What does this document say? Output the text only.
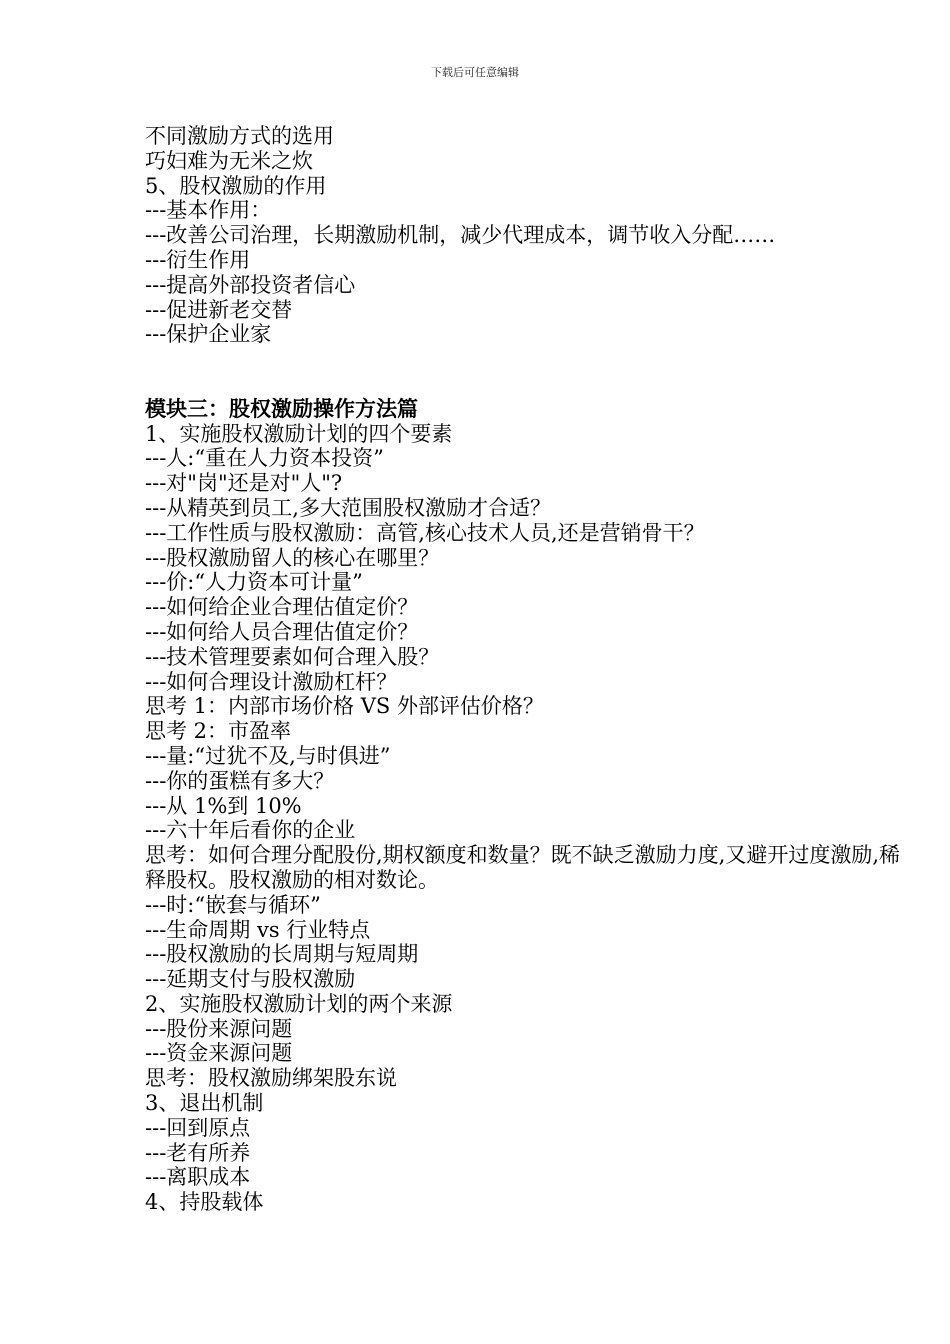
下载后可任意编辑
不同激励方式的选用
巧妇难为无米之炊
5、股权激励的作用
---基本作用：
---改善公司治理，长期激励机制，减少代理成本，调节收入分配……
---衍生作用
---提高外部投资者信心
---促进新老交替
---保护企业家
模块三：股权激励操作方法篇
1、实施股权激励计划的四个要素
---人:“重在人力资本投资”
---对"岗"还是对"人"?
---从精英到员工,多大范围股权激励才合适？
---工作性质与股权激励：高管,核心技术人员,还是营销骨干？
---股权激励留人的核心在哪里？
---价:“人力资本可计量”
---如何给企业合理估值定价？
---如何给人员合理估值定价？
---技术管理要素如何合理入股？
---如何合理设计激励杠杆？
思考 1：内部市场价格 VS 外部评估价格？
思考 2：市盈率
---量:“过犹不及,与时俱进”
---你的蛋糕有多大？
---从 1%到 10%
---六十年后看你的企业
思考：如何合理分配股份,期权额度和数量？既不缺乏激励力度,又避开过度激励,稀释股权。股权激励的相对数论。
---时:“嵌套与循环”
---生命周期 vs 行业特点
---股权激励的长周期与短周期
---延期支付与股权激励
2、实施股权激励计划的两个来源
---股份来源问题
---资金来源问题
思考：股权激励绑架股东说
3、退出机制
---回到原点
---老有所养
---离职成本
4、持股载体
